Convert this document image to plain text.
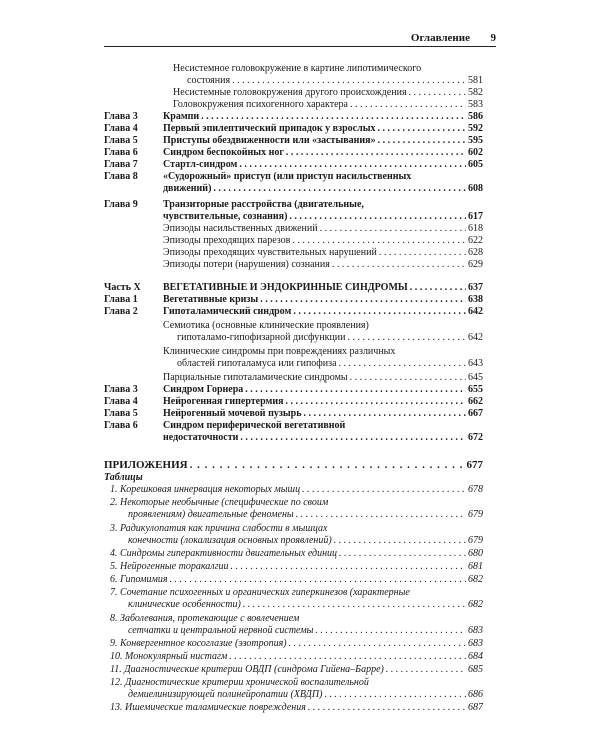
Оглавление 9
Несистемное головокружение в картине липотимического
состояния . . .	581
Несистемные головокружения другого происхождения . . .	582
Головокружения психогенного характера . . .	583
Глава 3	Крампи . . .	586
Глава 4	Первый эпилептический припадок у взрослых . . .	592
Глава 5	Приступы обездвиженности или «застывания» . . .	595
Глава 6	Синдром беспокойных ног . . .	602
Глава 7	Стартл-синдром . . .	605
Глава 8	«Судорожный» приступ (или приступ насильственных
движений) . . .	608
Глава 9	Транзиторные расстройства (двигательные,
чувствительные, сознания) . . .	617
Эпизоды насильственных движений . . .	618
Эпизоды преходящих парезов . . .	622
Эпизоды преходящих чувствительных нарушений . . .	628
Эпизоды потери (нарушения) сознания . . .	629
Часть X ВЕГЕТАТИВНЫЕ И ЭНДОКРИННЫЕ СИНДРОМЫ . . .	637
Глава 1	Вегетативные кризы . . .	638
Глава 2	Гипоталамический синдром . . .	642
Семиотика (основные клинические проявления)
гипоталамо-гипофизарной дисфункции . . .	642
Клинические синдромы при повреждениях различных
областей гипоталамуса или гипофиза . . .	643
Парциальные гипоталамические синдромы . . .	645
Глава 3	Синдром Горнера . . .	655
Глава 4	Нейрогенная гипертермия . . .	662
Глава 5	Нейрогенный мочевой пузырь . . .	667
Глава 6	Синдром периферической вегетативной
недостаточности . . .	672
ПРИЛОЖЕНИЯ . . .	677
Таблицы
1. Корешковая иннервация некоторых мышц . . .	678
2. Некоторые необычные (специфические по своим
проявлениям) двигательные феномены . . .	679
3. Радикулопатия как причина слабости в мышцах
конечности (локализация основных проявлений) . . .	679
4. Синдромы гиперактивности двигательных единиц . . .	680
5. Нейрогенные торакалгии . . .	681
6. Гипомимия . . .	682
7. Сочетание психогенных и органических гиперкинезов (характерные
клинические особенности) . . .	682
8. Заболевания, протекающие с вовлечением
сетчатки и центральной нервной системы . . .	683
9. Конвергентное косоглазие (эзотропия) . . .	683
10. Монокулярный нистагм . . .	684
11. Диагностические критерии ОВДП (синдрома Гийена–Барре) . . .	685
12. Диагностические критерии хронической воспалительной
демиелинизирующей полинейропатии (ХВДП) . . .	686
13. Ишемические таламические повреждения . . .	687
